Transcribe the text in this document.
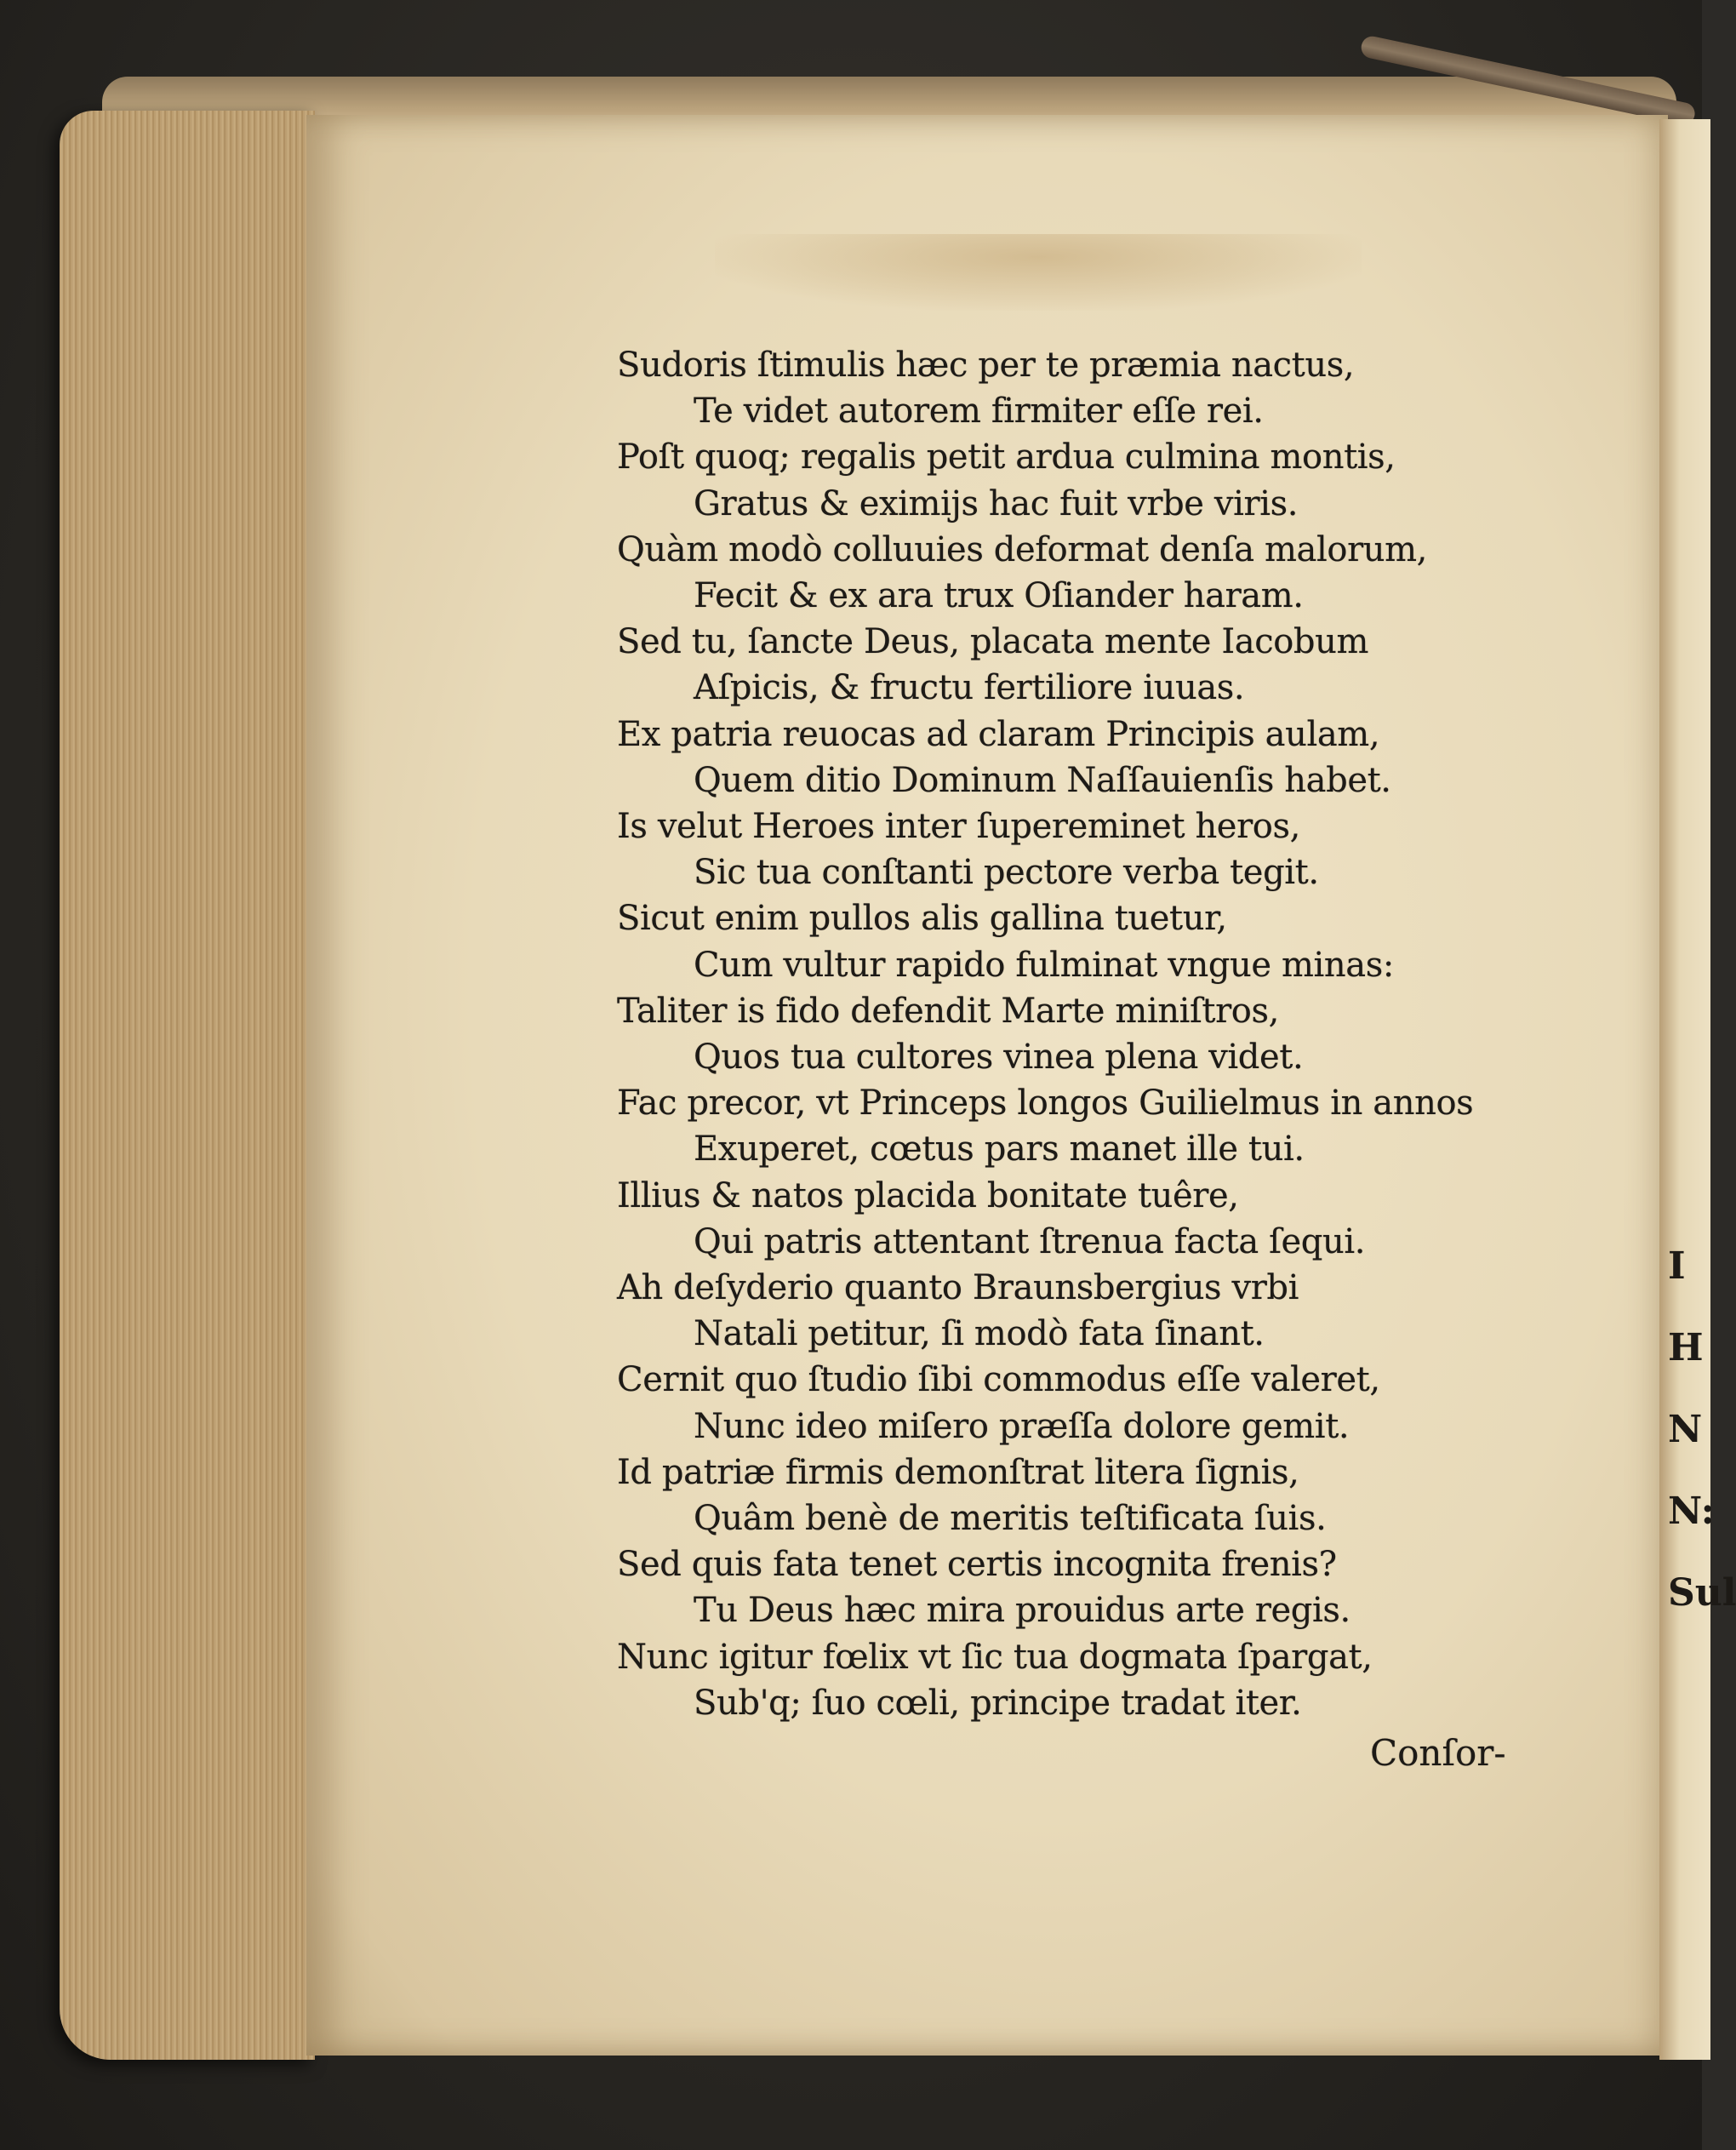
Sudoris ſtimulis hæc per te præmia nactus,
Te videt autorem firmiter eſſe rei.
Poſt quoq; regalis petit ardua culmina montis,
Gratus & eximijs hac fuit vrbe viris.
Quàm modò colluuies deformat denſa malorum,
Fecit & ex ara trux Oſiander haram.
Sed tu, ſancte Deus, placata mente Iacobum
Aſpicis, & fructu fertiliore iuuas.
Ex patria reuocas ad claram Principis aulam,
Quem ditio Dominum Naſſauienſis habet.
Is velut Heroes inter ſupereminet heros,
Sic tua conſtanti pectore verba tegit.
Sicut enim pullos alis gallina tuetur,
Cum vultur rapido fulminat vngue minas:
Taliter is fido defendit Marte miniſtros,
Quos tua cultores vinea plena videt.
Fac precor, vt Princeps longos Guilielmus in annos
Exuperet, cœtus pars manet ille tui.
Illius & natos placida bonitate tuêre,
Qui patris attentant ſtrenua facta ſequi.
Ah deſyderio quanto Braunsbergius vrbi
Natali petitur, ſi modò fata ſinant.
Cernit quo ſtudio ſibi commodus eſſe valeret,
Nunc ideo miſero præſſa dolore gemit.
Id patriæ firmis demonſtrat litera ſignis,
Quâm benè de meritis teſtificata ſuis.
Sed quis fata tenet certis incognita frenis?
Tu Deus hæc mira prouidus arte regis.
Nunc igitur fœlix vt ſic tua dogmata ſpargat,
Sub'q; ſuo cœli, principe tradat iter.
Conſor-
I
H
N
N:
Sul
